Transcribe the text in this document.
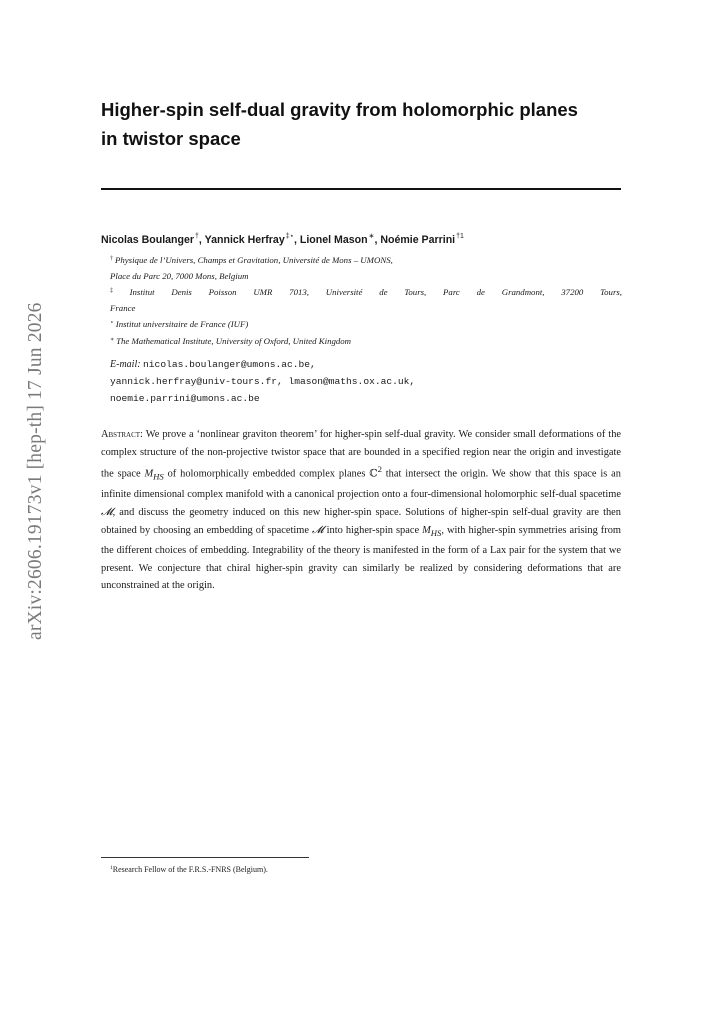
arXiv:2606.19173v1 [hep-th] 17 Jun 2026
Higher-spin self-dual gravity from holomorphic planes
in twistor space
Nicolas Boulanger†, Yannick Herfray‡⋆, Lionel Mason∗, Noémie Parrini$^{\dagger 1}$
† Physique de l’Univers, Champs et Gravitation, Université de Mons – UMONS,
Place du Parc 20, 7000 Mons, Belgium
‡ Institut Denis Poisson UMR 7013, Université de Tours, Parc de Grandmont, 37200 Tours,
France
⋆ Institut universitaire de France (IUF)
∗ The Mathematical Institute, University of Oxford, United Kingdom
E-mail: nicolas.boulanger@umons.ac.be,
yannick.herfray@univ-tours.fr, lmason@maths.ox.ac.uk,
noemie.parrini@umons.ac.be
Abstract: We prove a ‘nonlinear graviton theorem’ for higher-spin self-dual gravity. We consider small deformations of the complex structure of the non-projective twistor space that are bounded in a specified region near the origin and investigate the space $M_{HS}$ of holomorphically embedded complex planes ℂ$^2$ that intersect the origin. We show that this space is an infinite dimensional complex manifold with a canonical projection onto a four-dimensional holomorphic self-dual spacetime 𝓜, and discuss the geometry induced on this new higher-spin space. Solutions of higher-spin self-dual gravity are then obtained by choosing an embedding of spacetime 𝓜 into higher-spin space $M_{HS}$, with higher-spin symmetries arising from the different choices of embedding. Integrability of the theory is manifested in the form of a Lax pair for the system that we present. We conjecture that chiral higher-spin gravity can similarly be realized by considering deformations that are unconstrained at the origin.
$^1$Research Fellow of the F.R.S.-FNRS (Belgium).
